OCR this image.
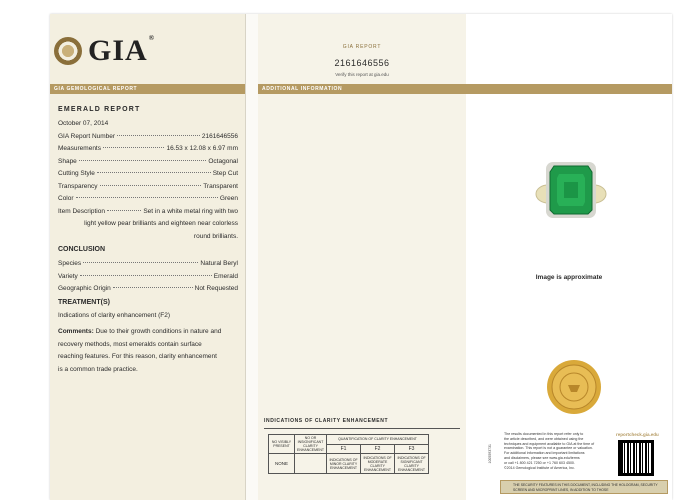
GIA®
GIA GEMOLOGICAL REPORT
EMERALD REPORT
October 07, 2014
GIA Report Number	2161646556
Measurements	16.53 x 12.08 x 6.97 mm
Shape	Octagonal
Cutting Style	Step Cut
Transparency	Transparent
Color	Green
Item Description	Set in a white metal ring with two
light yellow pear brilliants and eighteen near colorless
round brilliants.
CONCLUSION
Species	Natural Beryl
Variety	Emerald
Geographic Origin	Not Requested
TREATMENT(S)
Indications of clarity enhancement (F2)
Comments: Due to their growth conditions in nature and
recovery methods, most emeralds contain surface
reaching features. For this reason, clarity enhancement
is a common trade practice.
GIA REPORT
2161646556
Verify this report at gia.edu
ADDITIONAL INFORMATION
INDICATIONS OF CLARITY ENHANCEMENT
NO VISIBLY PRESENT	NO OR INSIGNIFICANT CLARITY ENHANCEMENT	QUANTIFICATION OF CLARITY ENHANCEMENT		
		F1	F2	F3
NONE		INDICATIONS OF MINOR CLARITY ENHANCEMENT	INDICATIONS OF MODERATE CLARITY ENHANCEMENT	INDICATIONS OF SIGNIFICANT CLARITY ENHANCEMENT
Image is approximate
The results documented in this report refer only to
the article described, and were obtained using the
techniques and equipment available to GIA at the time of
examination. This report is not a guarantee or valuation.
For additional information and important limitations
and disclaimers, please see www.gia.edu/terms
or call +1 800 421 7250 or +1 760 603 4500.
©2014 Gemological Institute of America, Inc.
reportcheck.gia.edu
1005593731
THE SECURITY FEATURES IN THIS DOCUMENT, INCLUDING THE HOLOGRAM, SECURITY SCREEN AND MICROPRINT LINES, IN ADDITION TO THOSE
